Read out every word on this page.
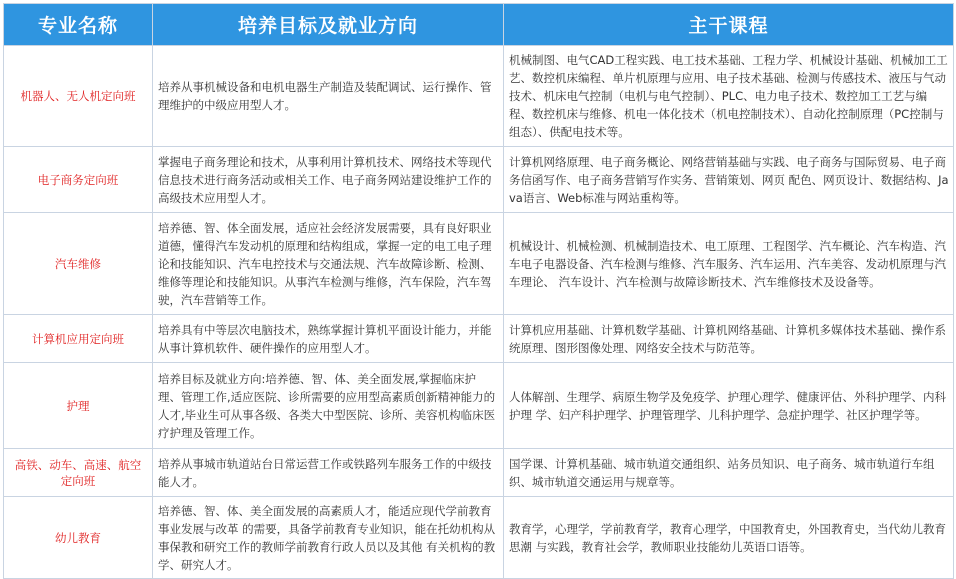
专业名称	培养目标及就业方向	主干课程
机器人、无人机定向班	培养从事机械设备和电机电器生产制造及装配调试、运行操作、管理维护的中级应用型人才。	机械制图、电气CAD工程实践、电工技术基础、工程力学、机械设计基础、机械加工工艺、数控机床编程、单片机原理与应用、电子技术基础、检测与传感技术、液压与气动技术、机床电气控制（电机与电气控制）、PLC、电力电子技术、数控加工工艺与编程、数控机床与维修、机电一体化技术（机电控制技术）、自动化控制原理（PC控制与组态）、供配电技术等。
电子商务定向班	掌握电子商务理论和技术，从事利用计算机技术、网络技术等现代信息技术进行商务活动或相关工作、电子商务网站建设维护工作的高级技术应用型人才。	计算机网络原理、电子商务概论、网络营销基础与实践、电子商务与国际贸易、电子商务信函写作、电子商务营销写作实务、营销策划、网页 配色、网页设计、数据结构、Java语言、Web标准与网站重构等。
汽车维修	培养德、智、体全面发展，适应社会经济发展需要，具有良好职业道德，懂得汽车发动机的原理和结构组成，掌握一定的电工电子理论和技能知识、汽车电控技术与交通法规、汽车故障诊断、检测、维修等理论和技能知识。从事汽车检测与维修，汽车保险，汽车驾驶，汽车营销等工作。	机械设计、机械检测、机械制造技术、电工原理、工程图学、汽车概论、汽车构造、汽车电子电器设备、汽车检测与维修、汽车服务、汽车运用、汽车美容、发动机原理与汽车理论、 汽车设计、汽车检测与故障诊断技术、汽车维修技术及设备等。
计算机应用定向班	培养具有中等层次电脑技术，熟练掌握计算机平面设计能力，并能从事计算机软件、硬件操作的应用型人才。	计算机应用基础、计算机数学基础、计算机网络基础、计算机多媒体技术基础、操作系统原理、图形图像处理、网络安全技术与防范等。
护理	培养目标及就业方向:培养德、智、体、美全面发展,掌握临床护理、管理工作,适应医院、诊所需要的应用型高素质创新精神能力的人才,毕业生可从事各级、各类大中型医院、诊所、美容机构临床医疗护理及管理工作。	人体解剖、生理学、病原生物学及免疫学、护理心理学、健康评估、外科护理学、内科护理 学、妇产科护理学、护理管理学、儿科护理学、急症护理学、社区护理学等。
高铁、动车、高速、航空定向班	培养从事城市轨道站台日常运营工作或铁路列车服务工作的中级技能人才。	国学课、计算机基础、城市轨道交通组织、站务员知识、电子商务、城市轨道行车组织、城市轨道交通运用与规章等。
幼儿教育	培养德、智、体、美全面发展的高素质人才，能适应现代学前教育事业发展与改革 的需要，具备学前教育专业知识，能在托幼机构从事保教和研究工作的教师学前教育行政人员以及其他 有关机构的教学、研究人才。	教育学，心理学，学前教育学，教育心理学，中国教育史，外国教育史，当代幼儿教育思潮 与实践，教育社会学，教师职业技能幼儿英语口语等。
